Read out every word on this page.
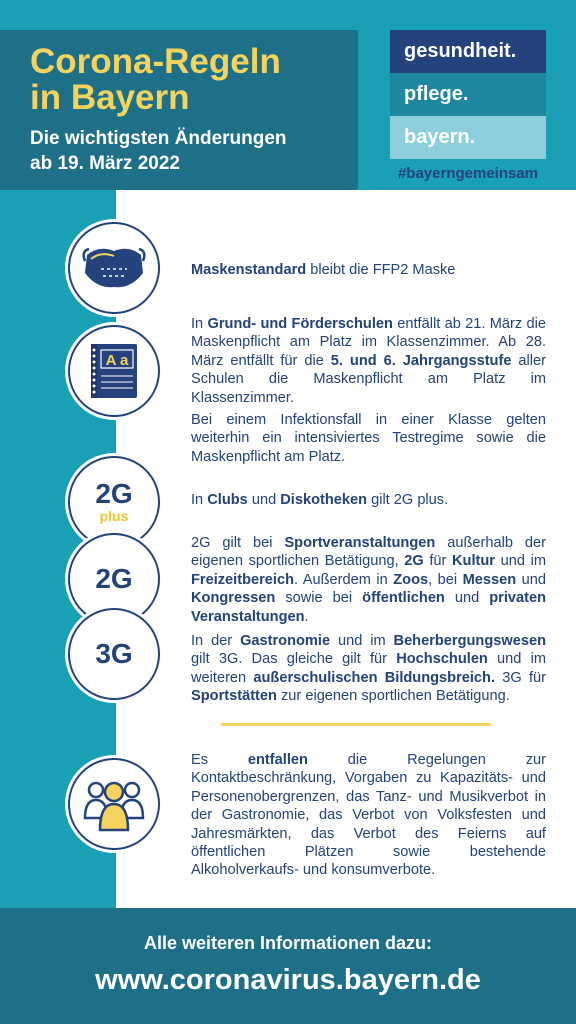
Corona-Regeln
in Bayern
Die wichtigsten Änderungen
ab 19. März 2022
gesundheit.
pflege.
bayern.
#bayerngemeinsam
A a
2G
plus
2G
3G
Maskenstandard bleibt die FFP2 Maske
In Grund- und Förderschulen entfällt ab 21. März die Maskenpflicht am Platz im Klassenzimmer. Ab 28. März entfällt für die 5. und 6. Jahrgangsstufe aller Schulen die Maskenpflicht am Platz im Klassenzimmer.
Bei einem Infektionsfall in einer Klasse gelten weiterhin ein intensiviertes Testregime sowie die Maskenpflicht am Platz.
In Clubs und Diskotheken gilt 2G plus.
2G gilt bei Sportveranstaltungen außerhalb der eigenen sportlichen Betätigung, 2G für Kultur und im Freizeitbereich. Außerdem in Zoos, bei Messen und Kongressen sowie bei öffentlichen und privaten Veranstaltungen.
In der Gastronomie und im Beherbergungswesen gilt 3G. Das gleiche gilt für Hochschulen und im weiteren außerschulischen Bildungsbreich. 3G für Sportstätten zur eigenen sportlichen Betätigung.
Es entfallen die Regelungen zur Kontaktbeschränkung, Vorgaben zu Kapazitäts- und Personenobergrenzen, das Tanz- und Musikverbot in der Gastronomie, das Verbot von Volksfesten und Jahresmärkten, das Verbot des Feierns auf öffentlichen Plätzen sowie bestehende Alkoholverkaufs- und konsumverbote.
Alle weiteren Informationen dazu:
www.coronavirus.bayern.de
